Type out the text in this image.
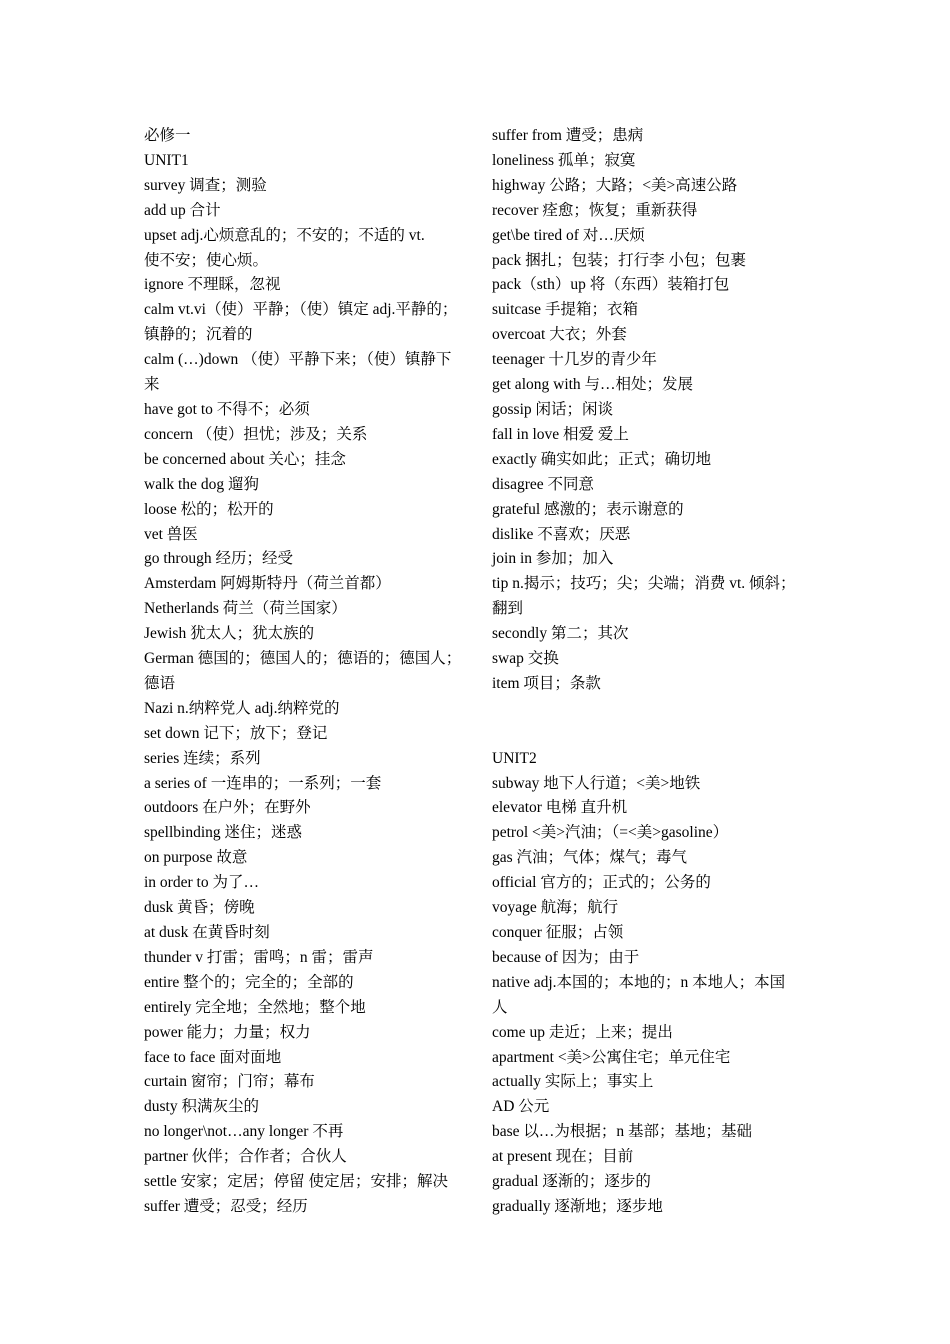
必修一
UNIT1
survey 调查；测验
add up 合计
upset adj.心烦意乱的；不安的；不适的 vt.
使不安；使心烦。
ignore 不理睬，忽视
calm vt.vi（使）平静；（使）镇定 adj.平静的；
镇静的；沉着的
calm (…)down （使）平静下来；（使）镇静下
来
have got to 不得不；必须
concern （使）担忧；涉及；关系
be concerned about 关心；挂念
walk the dog 遛狗
loose 松的；松开的
vet 兽医
go through 经历；经受
Amsterdam 阿姆斯特丹（荷兰首都）
Netherlands 荷兰（荷兰国家）
Jewish 犹太人；犹太族的
German 德国的；德国人的；德语的；德国人；
德语
Nazi n.纳粹党人 adj.纳粹党的
set down 记下；放下；登记
series 连续；系列
a series of 一连串的；一系列；一套
outdoors 在户外；在野外
spellbinding 迷住；迷惑
on purpose 故意
in order to 为了…
dusk 黄昏；傍晚
at dusk 在黄昏时刻
thunder v 打雷；雷鸣；n 雷；雷声
entire 整个的；完全的；全部的
entirely 完全地；全然地；整个地
power 能力；力量；权力
face to face 面对面地
curtain 窗帘；门帘；幕布
dusty 积满灰尘的
no longer\not…any longer 不再
partner 伙伴；合作者；合伙人
settle 安家；定居；停留 使定居；安排；解决
suffer 遭受；忍受；经历
suffer from 遭受；患病
loneliness 孤单；寂寞
highway 公路；大路；<美>高速公路
recover 痊愈；恢复；重新获得
get\be tired of 对…厌烦
pack 捆扎；包装；打行李 小包；包裹
pack（sth）up 将（东西）装箱打包
suitcase 手提箱；衣箱
overcoat 大衣；外套
teenager 十几岁的青少年
get along with 与…相处；发展
gossip 闲话；闲谈
fall in love 相爱 爱上
exactly 确实如此；正式；确切地
disagree 不同意
grateful 感激的；表示谢意的
dislike 不喜欢；厌恶
join in 参加；加入
tip n.揭示；技巧；尖；尖端；消费 vt. 倾斜；
翻到
secondly 第二；其次
swap 交换
item 项目；条款
UNIT2
subway 地下人行道；<美>地铁
elevator 电梯 直升机
petrol <美>汽油；（=<美>gasoline）
gas 汽油；气体；煤气；毒气
official 官方的；正式的；公务的
voyage 航海；航行
conquer 征服；占领
because of 因为；由于
native adj.本国的；本地的；n 本地人；本国
人
come up 走近；上来；提出
apartment <美>公寓住宅；单元住宅
actually 实际上；事实上
AD 公元
base 以…为根据；n 基部；基地；基础
at present 现在；目前
gradual 逐渐的；逐步的
gradually 逐渐地；逐步地
